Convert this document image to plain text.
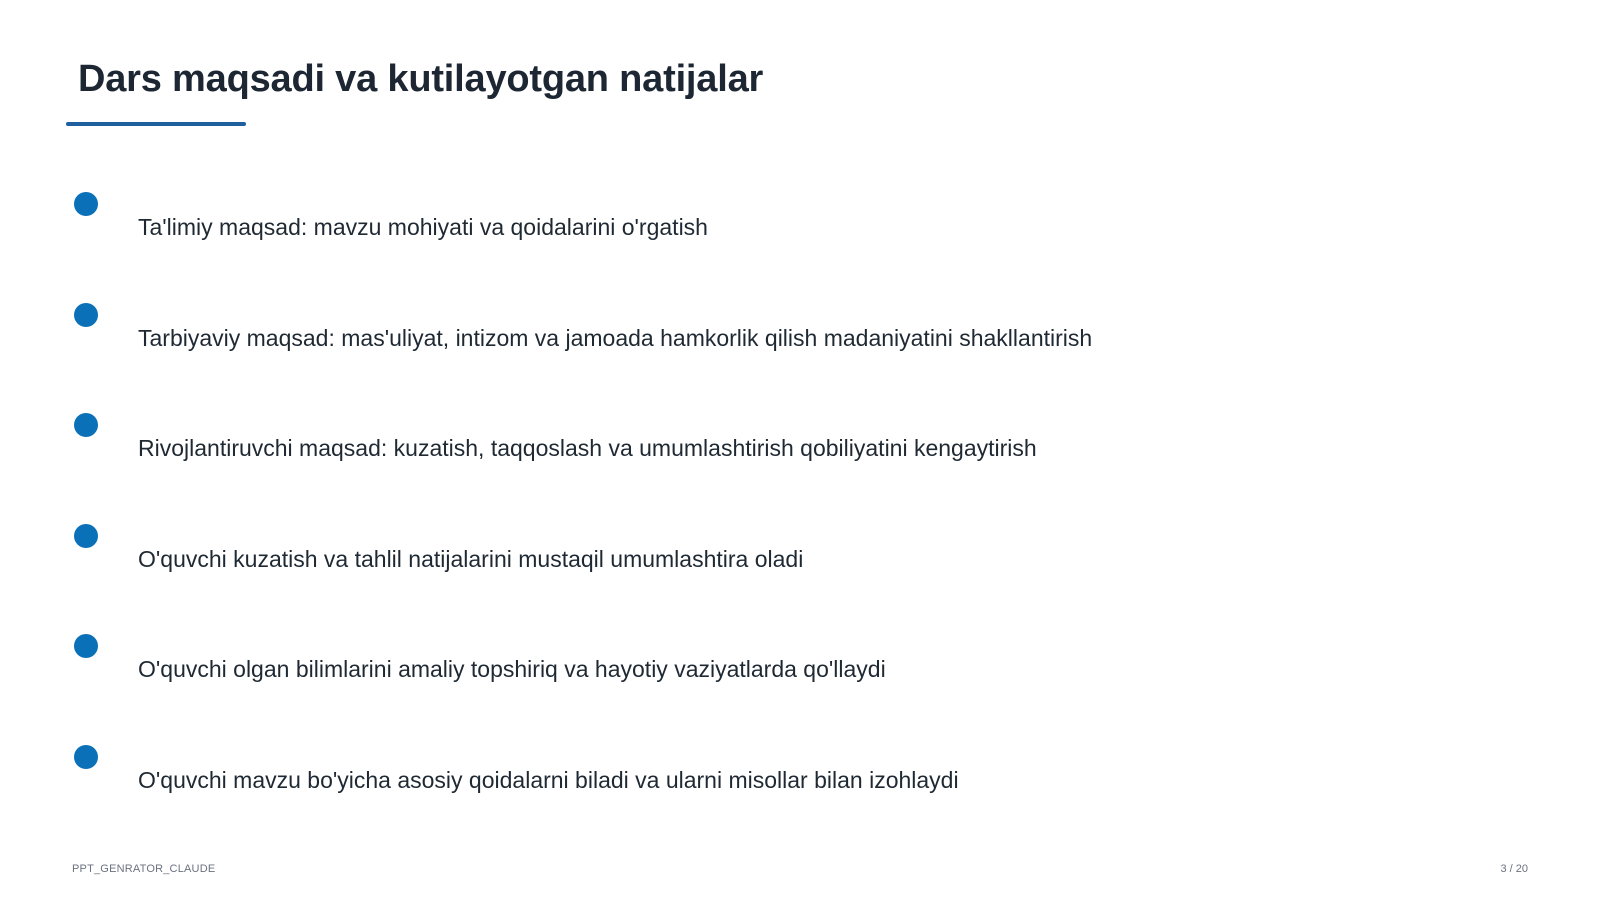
Dars maqsadi va kutilayotgan natijalar
Ta'limiy maqsad: mavzu mohiyati va qoidalarini o'rgatish
Tarbiyaviy maqsad: mas'uliyat, intizom va jamoada hamkorlik qilish madaniyatini shakllantirish
Rivojlantiruvchi maqsad: kuzatish, taqqoslash va umumlashtirish qobiliyatini kengaytirish
O'quvchi kuzatish va tahlil natijalarini mustaqil umumlashtira oladi
O'quvchi olgan bilimlarini amaliy topshiriq va hayotiy vaziyatlarda qo'llaydi
O'quvchi mavzu bo'yicha asosiy qoidalarni biladi va ularni misollar bilan izohlaydi
PPT_GENRATOR_CLAUDE	3 / 20
